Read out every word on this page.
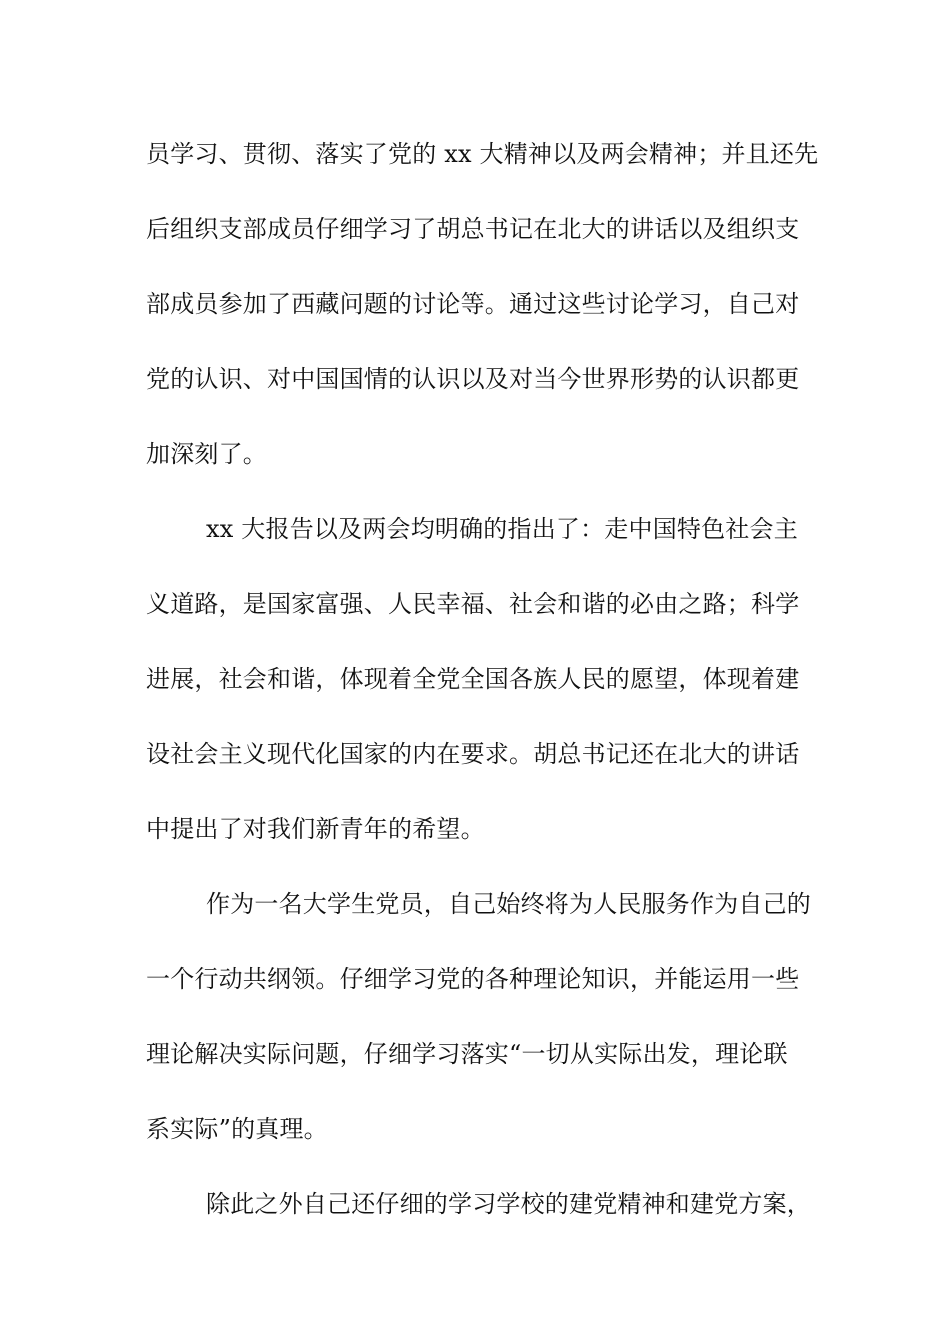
员学习、贯彻、落实了党的 xx 大精神以及两会精神；并且还先
后组织支部成员仔细学习了胡总书记在北大的讲话以及组织支
部成员参加了西藏问题的讨论等。通过这些讨论学习，自己对
党的认识、对中国国情的认识以及对当今世界形势的认识都更
加深刻了。
xx 大报告以及两会均明确的指出了：走中国特色社会主
义道路，是国家富强、人民幸福、社会和谐的必由之路；科学
进展，社会和谐，体现着全党全国各族人民的愿望，体现着建
设社会主义现代化国家的内在要求。胡总书记还在北大的讲话
中提出了对我们新青年的希望。
作为一名大学生党员，自己始终将为人民服务作为自己的
一个行动共纲领。仔细学习党的各种理论知识，并能运用一些
理论解决实际问题，仔细学习落实“一切从实际出发，理论联
系实际”的真理。
除此之外自己还仔细的学习学校的建党精神和建党方案，
